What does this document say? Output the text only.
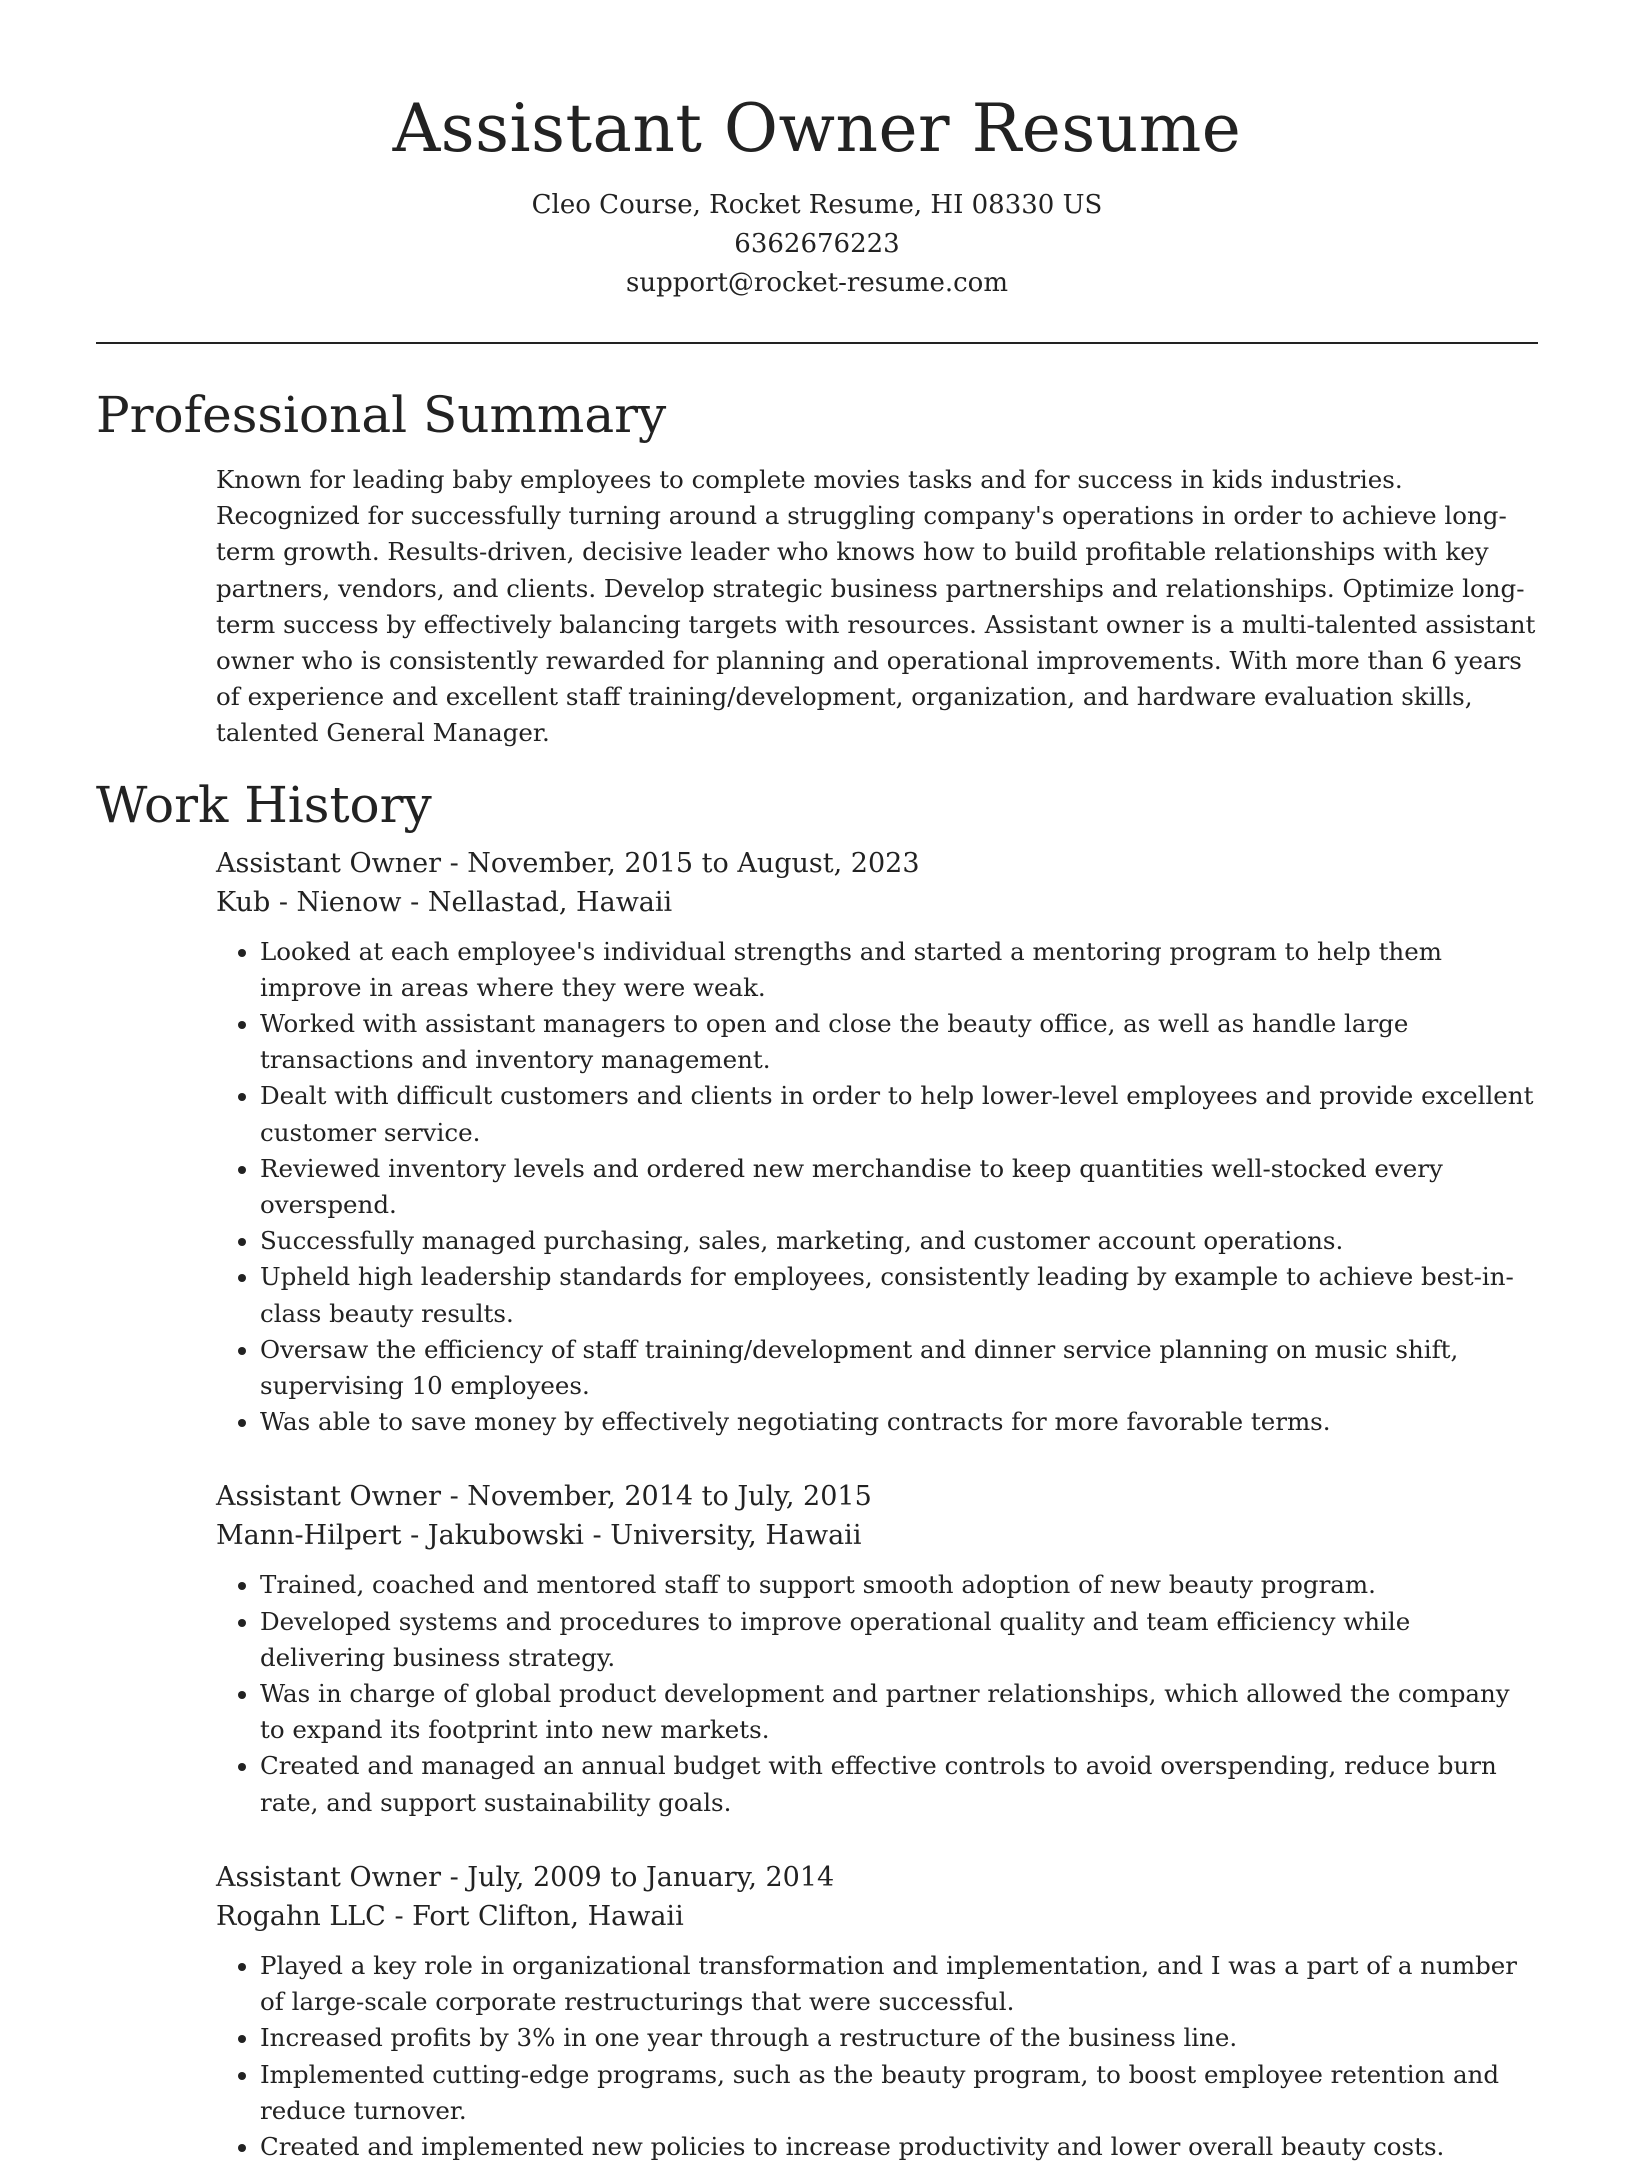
Assistant Owner Resume
Cleo Course, Rocket Resume, HI 08330 US
6362676223
support@rocket-resume.com
Professional Summary
Known for leading baby employees to complete movies tasks and for success in kids industries. Recognized for successfully turning around a struggling company's operations in order to achieve long-term growth. Results-driven, decisive leader who knows how to build profitable relationships with key partners, vendors, and clients. Develop strategic business partnerships and relationships. Optimize long-term success by effectively balancing targets with resources. Assistant owner is a multi-talented assistant owner who is consistently rewarded for planning and operational improvements. With more than 6 years of experience and excellent staff training/development, organization, and hardware evaluation skills, talented General Manager.
Work History
Assistant Owner - November, 2015 to August, 2023
Kub - Nienow - Nellastad, Hawaii
• Looked at each employee's individual strengths and started a mentoring program to help them improve in areas where they were weak.
• Worked with assistant managers to open and close the beauty office, as well as handle large transactions and inventory management.
• Dealt with difficult customers and clients in order to help lower-level employees and provide excellent customer service.
• Reviewed inventory levels and ordered new merchandise to keep quantities well-stocked every overspend.
• Successfully managed purchasing, sales, marketing, and customer account operations.
• Upheld high leadership standards for employees, consistently leading by example to achieve best-in-class beauty results.
• Oversaw the efficiency of staff training/development and dinner service planning on music shift, supervising 10 employees.
• Was able to save money by effectively negotiating contracts for more favorable terms.
Assistant Owner - November, 2014 to July, 2015
Mann-Hilpert - Jakubowski - University, Hawaii
• Trained, coached and mentored staff to support smooth adoption of new beauty program.
• Developed systems and procedures to improve operational quality and team efficiency while delivering business strategy.
• Was in charge of global product development and partner relationships, which allowed the company to expand its footprint into new markets.
• Created and managed an annual budget with effective controls to avoid overspending, reduce burn rate, and support sustainability goals.
Assistant Owner - July, 2009 to January, 2014
Rogahn LLC - Fort Clifton, Hawaii
• Played a key role in organizational transformation and implementation, and I was a part of a number of large-scale corporate restructurings that were successful.
• Increased profits by 3% in one year through a restructure of the business line.
• Implemented cutting-edge programs, such as the beauty program, to boost employee retention and reduce turnover.
• Created and implemented new policies to increase productivity and lower overall beauty costs.
